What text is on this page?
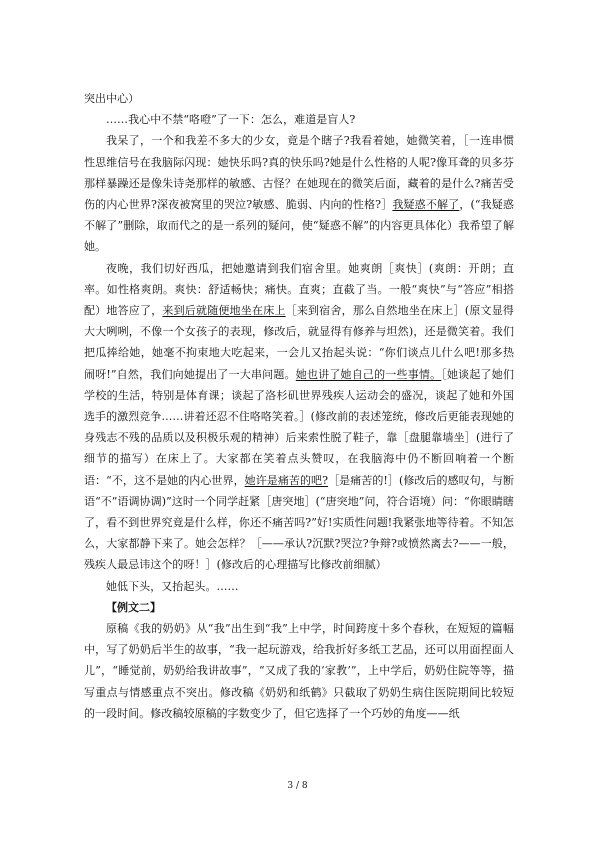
突出中心）

……我心中不禁“咯噔”了一下：怎么，难道是盲人?

我呆了，一个和我差不多大的少女，竟是个瞎子?我看着她，她微笑着，［一连串惯性思维信号在我脑际闪现：她快乐吗?真的快乐吗?她是什么性格的人呢?像耳聋的贝多芬那样暴躁还是像朱诗尧那样的敏感、古怪？在她现在的微笑后面，藏着的是什么?痛苦受伤的内心世界?深夜被窝里的哭泣?敏感、脆弱、内向的性格?］我疑惑不解了，(“我疑惑不解了”删除，取而代之的是一系列的疑问，使“疑惑不解”的内容更具体化）我希望了解她。

夜晚，我们切好西瓜，把她邀请到我们宿舍里。她爽朗［爽快］(爽朗：开朗；直率。如性格爽朗。爽快：舒适畅快；痛快。直爽；直截了当。一般“爽快”与“答应”相搭配）地答应了，来到后就随便地坐在床上［来到宿舍，那么自然地坐在床上］(原文显得大大咧咧，不像一个女孩子的表现，修改后，就显得有修养与坦然)，还是微笑着。我们把瓜捧给她，她毫不拘束地大吃起来，一会儿又抬起头说：“你们谈点儿什么吧!那多热闹呀!”自然，我们向她提出了一大串问题。她也讲了她自己的一些事情。［她谈起了她们学校的生活，特别是体育课；谈起了洛杉矶世界残疾人运动会的盛况，谈起了她和外国选手的激烈竞争……讲着还忍不住咯咯笑着。］(修改前的表述笼统，修改后更能表现她的身残志不残的品质以及积极乐观的精神）后来索性脱了鞋子，靠［盘腿靠墙坐］(进行了细节的描写）在床上了。大家都在笑着点头赞叹，在我脑海中仍不断回响着一个断语：“不，这不是她的内心世界，她许是痛苦的吧?［是痛苦的!］(修改后的感叹句，与断语“不”语调协调)”这时一个同学赶紧［唐突地］(“唐突地”问，符合语境）问：“你眼睛瞎了，看不到世界究竟是什么样，你还不痛苦吗?”好!实质性问题!我紧张地等待着。不知怎么，大家都静下来了。她会怎样？［——承认?沉默?哭泣?争辩?或愤然离去?——一般，残疾人最忌讳这个的呀！］(修改后的心理描写比修改前细腻）

她低下头，又抬起头。……

【例文二】

原稿《我的奶奶》从“我”出生到“我”上中学，时间跨度十多个春秋，在短短的篇幅中，写了奶奶后半生的故事，“我一起玩游戏，给我折好多纸工艺品，还可以用面捏面人儿”，“睡觉前，奶奶给我讲故事”，“又成了我的‘家教’”，上中学后，奶奶住院等等，描写重点与情感重点不突出。修改稿《奶奶和纸鹤》只截取了奶奶生病住医院期间比较短的一段时间。修改稿较原稿的字数变少了，但它选择了一个巧妙的角度——纸

3 / 8
